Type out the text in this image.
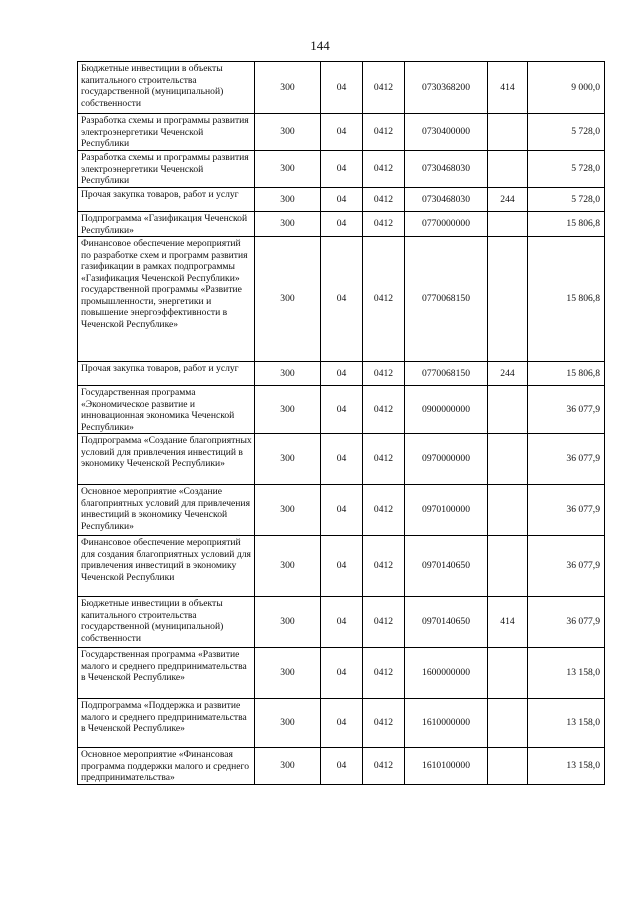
144
Бюджетные инвестиции в объекты капитального строительства государственной (муниципальной) собственности	300	04	0412	0730368200	414	9 000,0
Разработка схемы и программы развития электроэнергетики Чеченской Республики	300	04	0412	0730400000		5 728,0
Разработка схемы и программы развития электроэнергетики Чеченской Республики	300	04	0412	0730468030		5 728,0
Прочая закупка товаров, работ и услуг	300	04	0412	0730468030	244	5 728,0
Подпрограмма «Газификация Чеченской Республики»	300	04	0412	0770000000		15 806,8
Финансовое обеспечение мероприятий по разработке схем и программ развития газификации в рамках подпрограммы «Газификация Чеченской Республики» государственной программы «Развитие промышленности, энергетики и повышение энергоэффективности в Чеченской Республике»	300	04	0412	0770068150		15 806,8
Прочая закупка товаров, работ и услуг	300	04	0412	0770068150	244	15 806,8
Государственная программа «Экономическое развитие и инновационная экономика Чеченской Республики»	300	04	0412	0900000000		36 077,9
Подпрограмма «Создание благоприятных условий для привлечения инвестиций в экономику Чеченской Республики»	300	04	0412	0970000000		36 077,9
Основное мероприятие «Создание благоприятных условий для привлечения инвестиций в экономику Чеченской Республики»	300	04	0412	0970100000		36 077,9
Финансовое обеспечение мероприятий для создания благоприятных условий для привлечения инвестиций в экономику Чеченской Республики	300	04	0412	0970140650		36 077,9
Бюджетные инвестиции в объекты капитального строительства государственной (муниципальной) собственности	300	04	0412	0970140650	414	36 077,9
Государственная программа «Развитие малого и среднего предпринимательства в Чеченской Республике»	300	04	0412	1600000000		13 158,0
Подпрограмма «Поддержка и развитие малого и среднего предпринимательства в Чеченской Республике»	300	04	0412	1610000000		13 158,0
Основное мероприятие «Финансовая программа поддержки малого и среднего предпринимательства»	300	04	0412	1610100000		13 158,0
